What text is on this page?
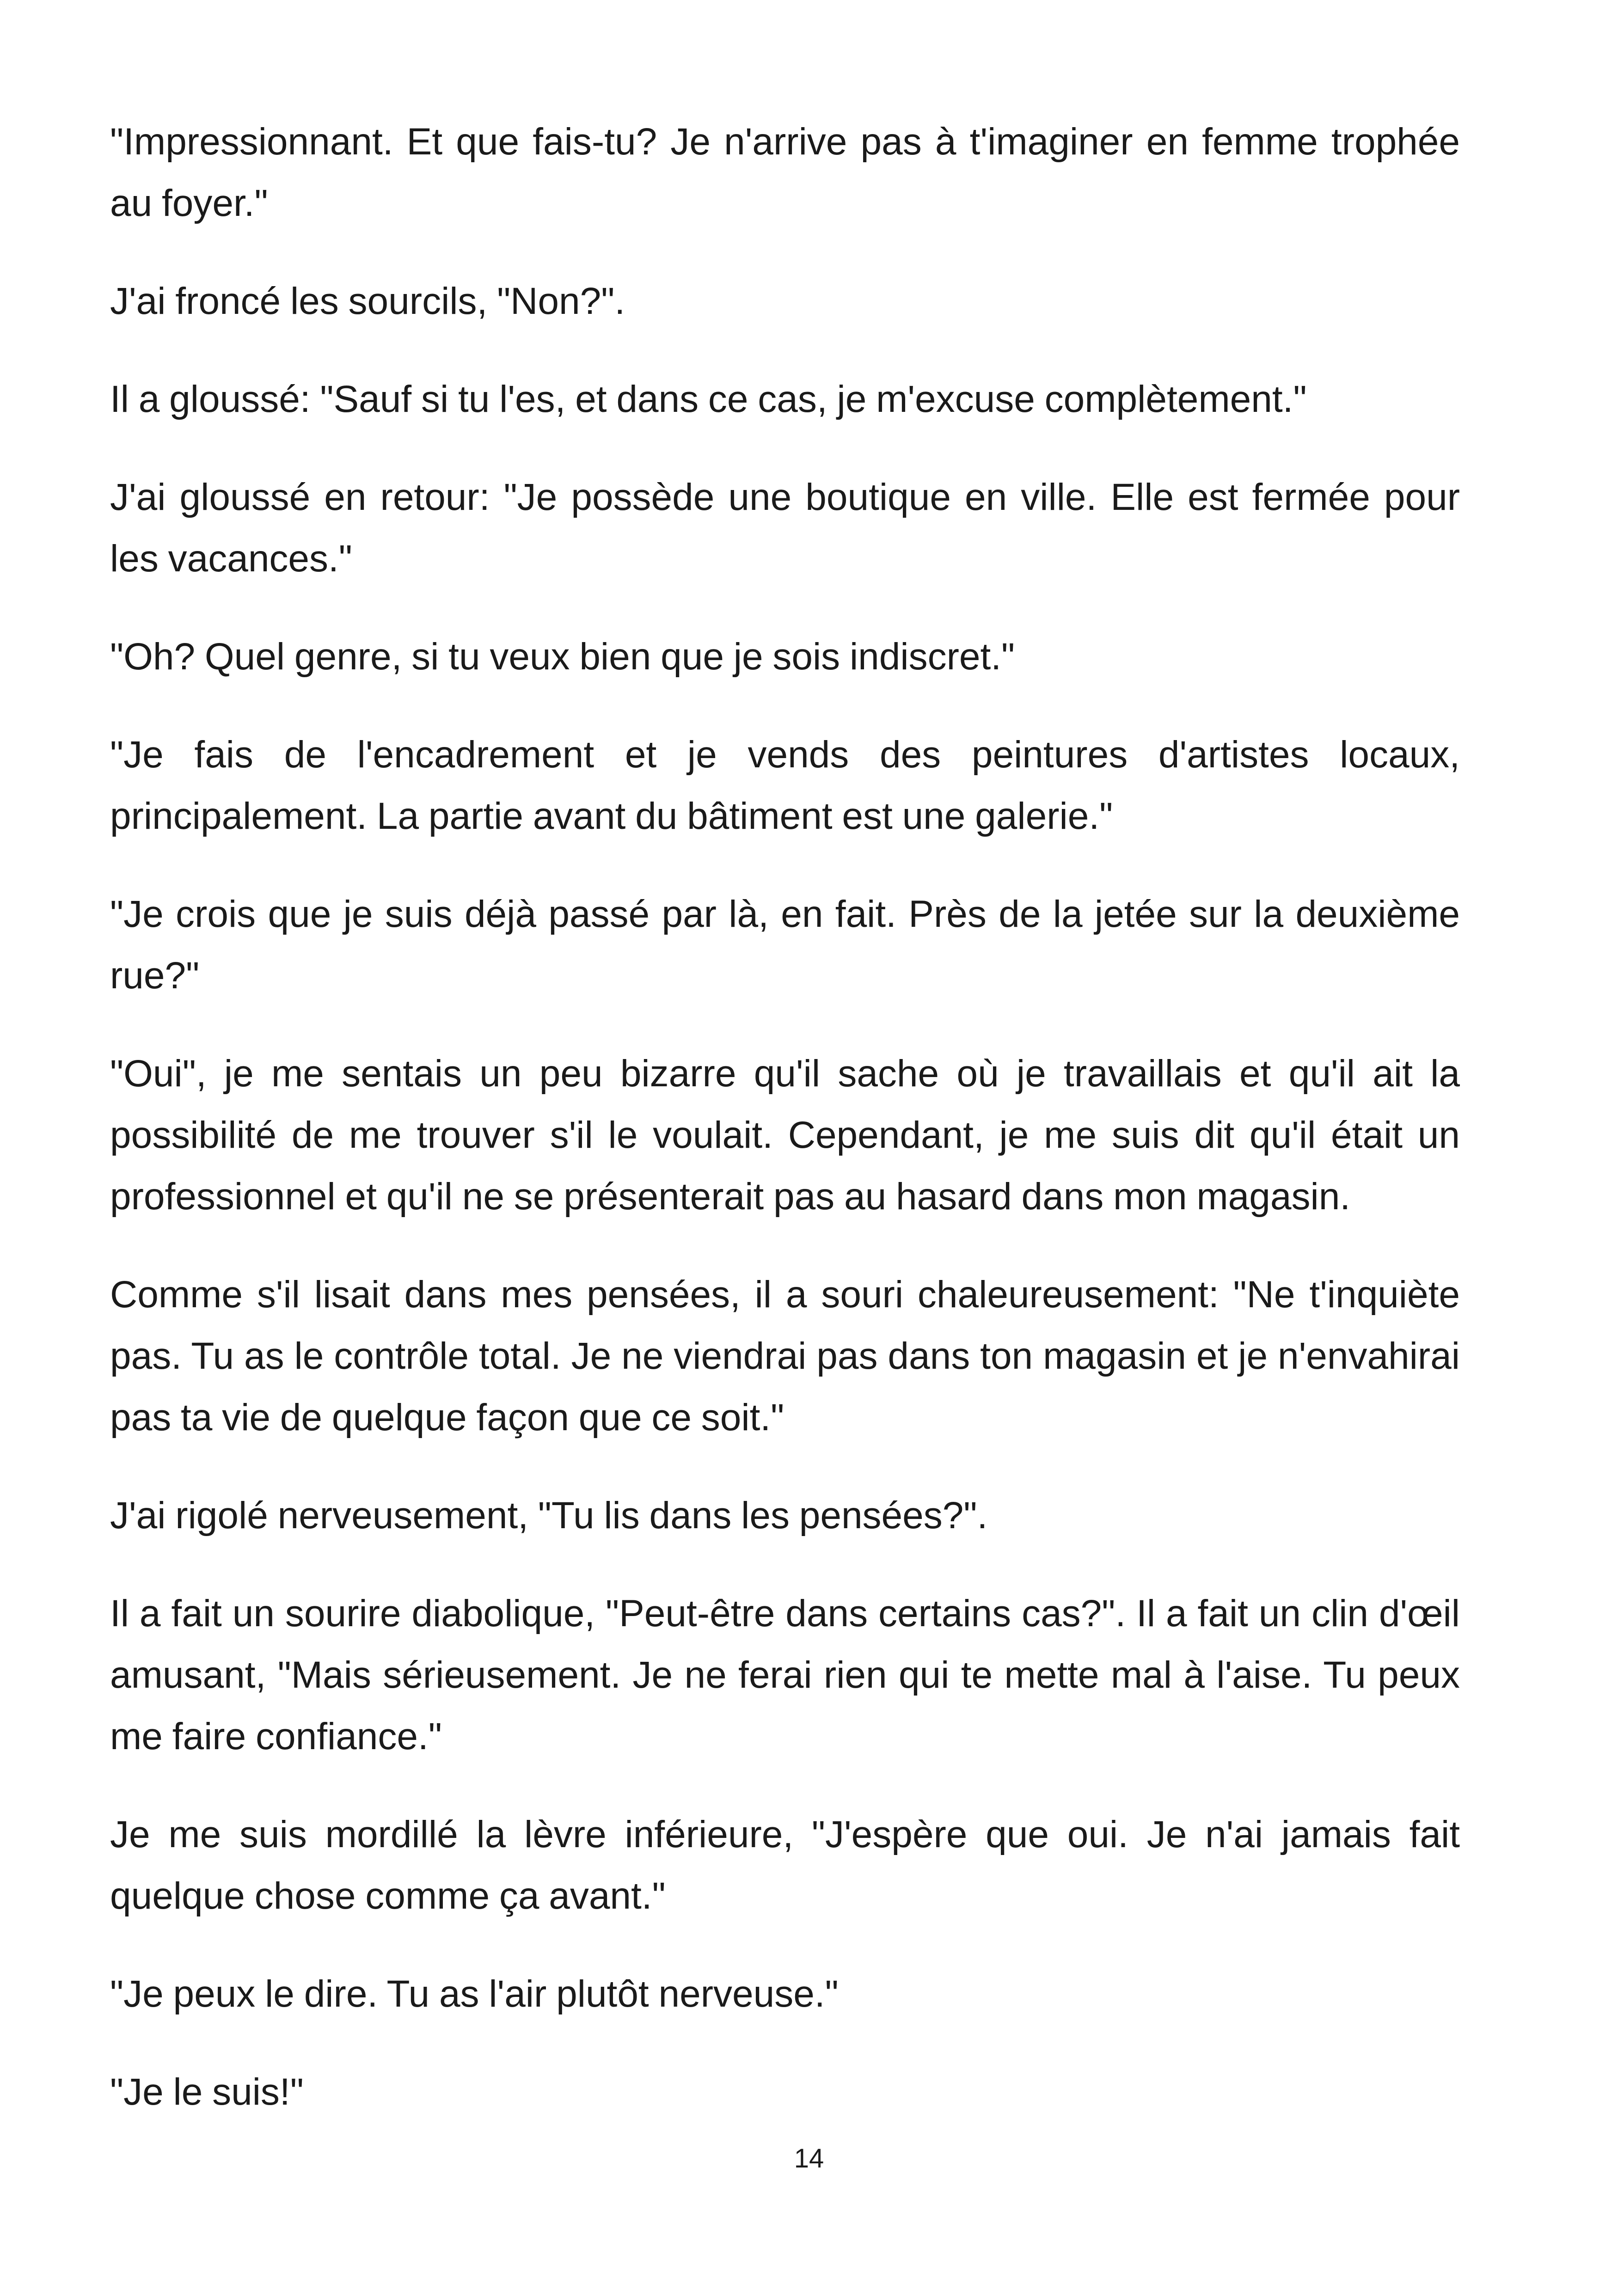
"Impressionnant. Et que fais-tu? Je n'arrive pas à t'imaginer en femme trophée au foyer."

J'ai froncé les sourcils, "Non?".

Il a gloussé: "Sauf si tu l'es, et dans ce cas, je m'excuse complètement."

J'ai gloussé en retour: "Je possède une boutique en ville. Elle est fermée pour les vacances."

"Oh? Quel genre, si tu veux bien que je sois indiscret."

"Je fais de l'encadrement et je vends des peintures d'artistes locaux, principalement. La partie avant du bâtiment est une galerie."

"Je crois que je suis déjà passé par là, en fait. Près de la jetée sur la deuxième rue?"

"Oui", je me sentais un peu bizarre qu'il sache où je travaillais et qu'il ait la possibilité de me trouver s'il le voulait. Cependant, je me suis dit qu'il était un professionnel et qu'il ne se présenterait pas au hasard dans mon magasin.

Comme s'il lisait dans mes pensées, il a souri chaleureusement: "Ne t'inquiète pas. Tu as le contrôle total. Je ne viendrai pas dans ton magasin et je n'envahirai pas ta vie de quelque façon que ce soit."

J'ai rigolé nerveusement, "Tu lis dans les pensées?".

Il a fait un sourire diabolique, "Peut-être dans certains cas?". Il a fait un clin d'œil amusant, "Mais sérieusement. Je ne ferai rien qui te mette mal à l'aise. Tu peux me faire confiance."

Je me suis mordillé la lèvre inférieure, "J'espère que oui. Je n'ai jamais fait quelque chose comme ça avant."

"Je peux le dire. Tu as l'air plutôt nerveuse."

"Je le suis!"

14
